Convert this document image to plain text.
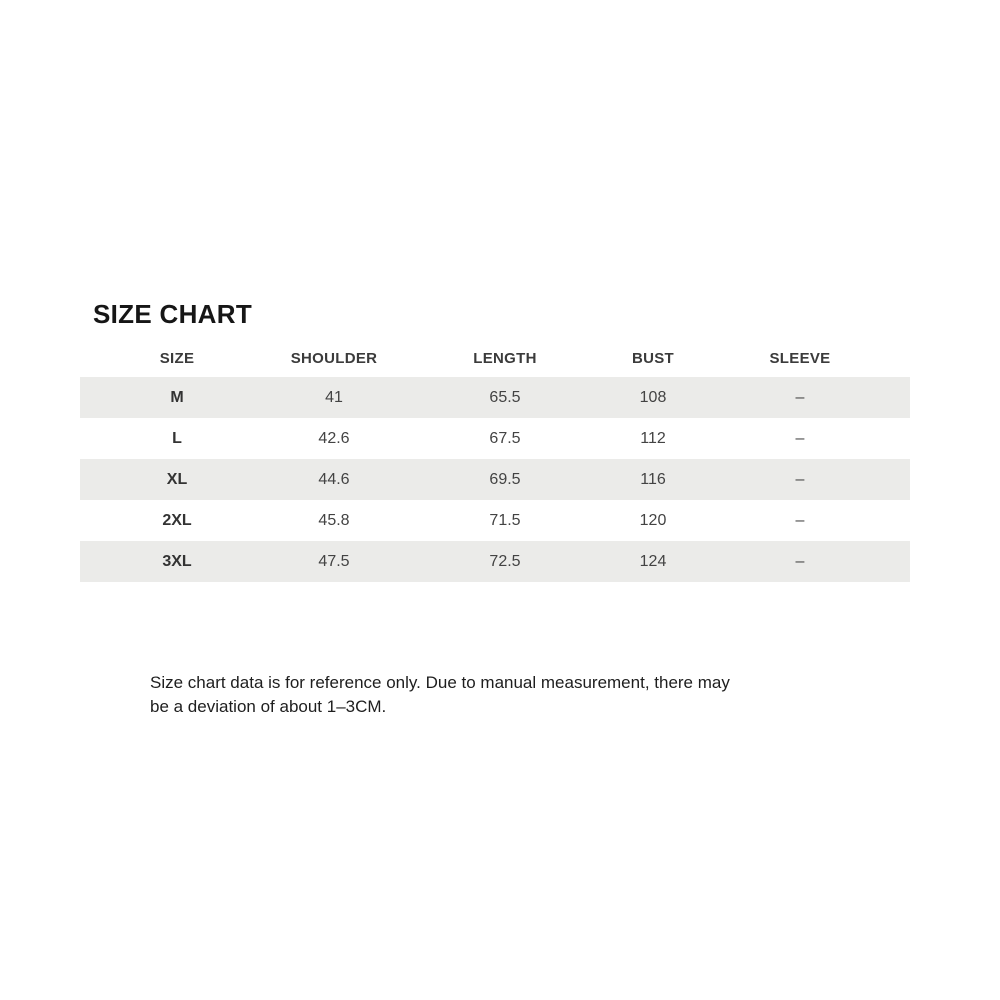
SIZE CHART
SIZE	SHOULDER	LENGTH	BUST	SLEEVE
M	41	65.5	108	–
L	42.6	67.5	112	–
XL	44.6	69.5	116	–
2XL	45.8	71.5	120	–
3XL	47.5	72.5	124	–
Size chart data is for reference only. Due to manual measurement, there may
be a deviation of about 1–3CM.
